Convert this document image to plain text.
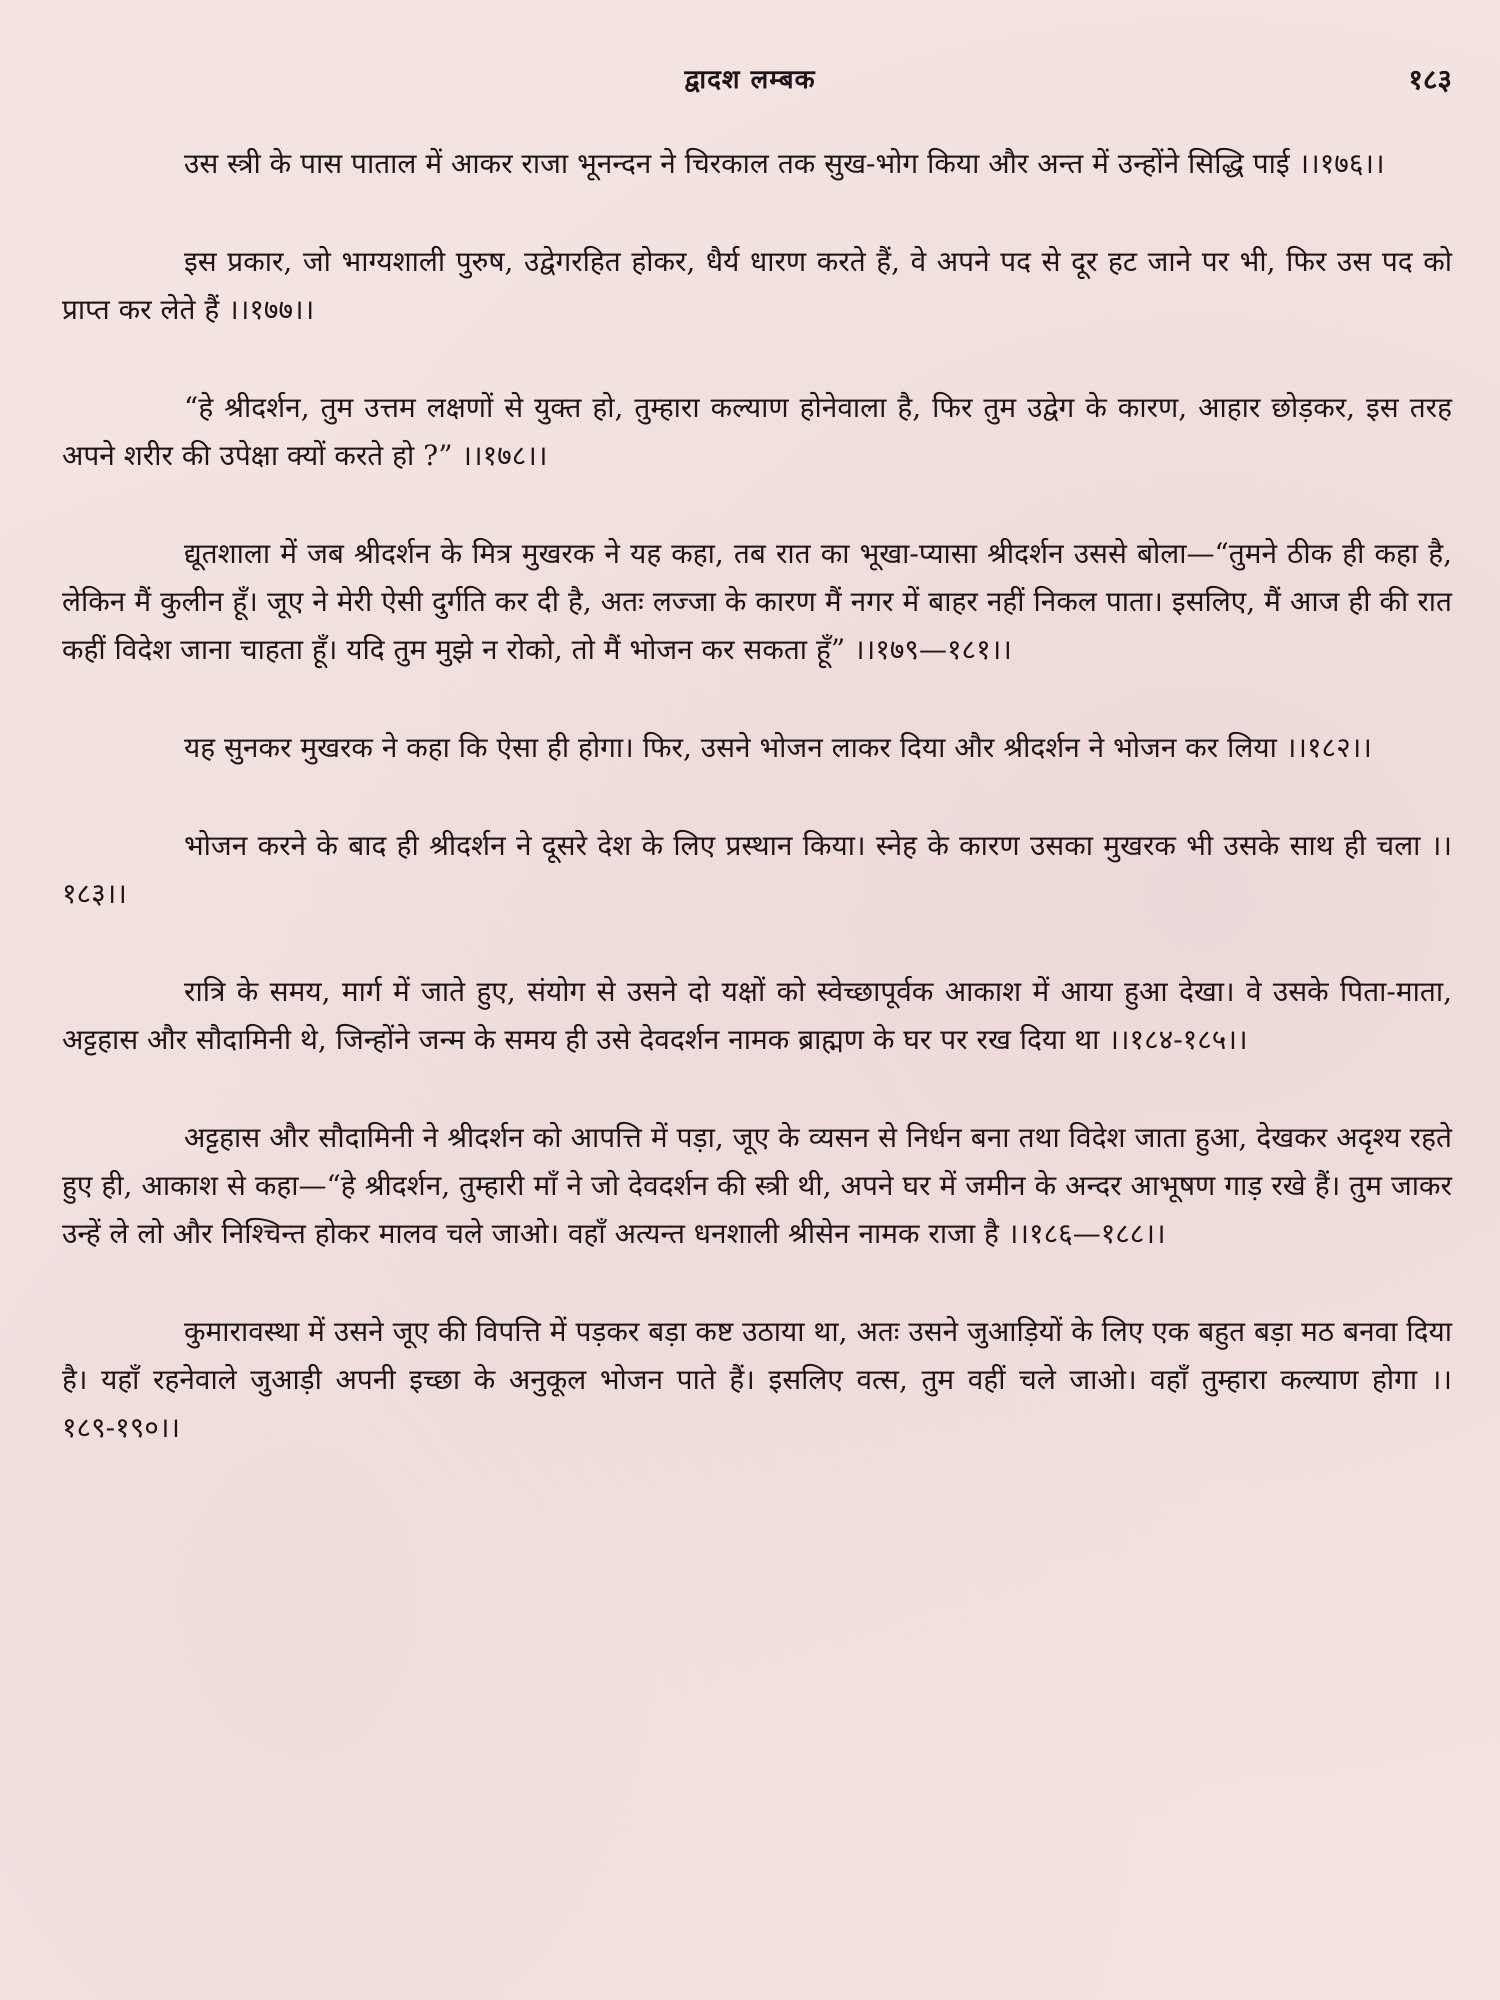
द्वादश लम्बक	१८३

उस स्त्री के पास पाताल में आकर राजा भूनन्दन ने चिरकाल तक सुख-भोग किया और अन्त में उन्होंने सिद्धि पाई ।।१७६।।

इस प्रकार, जो भाग्यशाली पुरुष, उद्वेगरहित होकर, धैर्य धारण करते हैं, वे अपने पद से दूर हट जाने पर भी, फिर उस पद को प्राप्त कर लेते हैं ।।१७७।।

“हे श्रीदर्शन, तुम उत्तम लक्षणों से युक्त हो, तुम्हारा कल्याण होनेवाला है, फिर तुम उद्वेग के कारण, आहार छोड़कर, इस तरह अपने शरीर की उपेक्षा क्यों करते हो ?” ।।१७८।।

द्यूतशाला में जब श्रीदर्शन के मित्र मुखरक ने यह कहा, तब रात का भूखा-प्यासा श्रीदर्शन उससे बोला—“तुमने ठीक ही कहा है, लेकिन मैं कुलीन हूँ। जूए ने मेरी ऐसी दुर्गति कर दी है, अतः लज्जा के कारण मैं नगर में बाहर नहीं निकल पाता। इसलिए, मैं आज ही की रात कहीं विदेश जाना चाहता हूँ। यदि तुम मुझे न रोको, तो मैं भोजन कर सकता हूँ” ।।१७९—१८१।।

यह सुनकर मुखरक ने कहा कि ऐसा ही होगा। फिर, उसने भोजन लाकर दिया और श्रीदर्शन ने भोजन कर लिया ।।१८२।।

भोजन करने के बाद ही श्रीदर्शन ने दूसरे देश के लिए प्रस्थान किया। स्नेह के कारण उसका मुखरक भी उसके साथ ही चला ।।१८३।।

रात्रि के समय, मार्ग में जाते हुए, संयोग से उसने दो यक्षों को स्वेच्छापूर्वक आकाश में आया हुआ देखा। वे उसके पिता-माता, अट्टहास और सौदामिनी थे, जिन्होंने जन्म के समय ही उसे देवदर्शन नामक ब्राह्मण के घर पर रख दिया था ।।१८४-१८५।।

अट्टहास और सौदामिनी ने श्रीदर्शन को आपत्ति में पड़ा, जूए के व्यसन से निर्धन बना तथा विदेश जाता हुआ, देखकर अदृश्य रहते हुए ही, आकाश से कहा—“हे श्रीदर्शन, तुम्हारी माँ ने जो देवदर्शन की स्त्री थी, अपने घर में जमीन के अन्दर आभूषण गाड़ रखे हैं। तुम जाकर उन्हें ले लो और निश्चिन्त होकर मालव चले जाओ। वहाँ अत्यन्त धनशाली श्रीसेन नामक राजा है ।।१८६—१८८।।

कुमारावस्था में उसने जूए की विपत्ति में पड़कर बड़ा कष्ट उठाया था, अतः उसने जुआड़ियों के लिए एक बहुत बड़ा मठ बनवा दिया है। यहाँ रहनेवाले जुआड़ी अपनी इच्छा के अनुकूल भोजन पाते हैं। इसलिए वत्स, तुम वहीं चले जाओ। वहाँ तुम्हारा कल्याण होगा ।।१८९-१९०।।
